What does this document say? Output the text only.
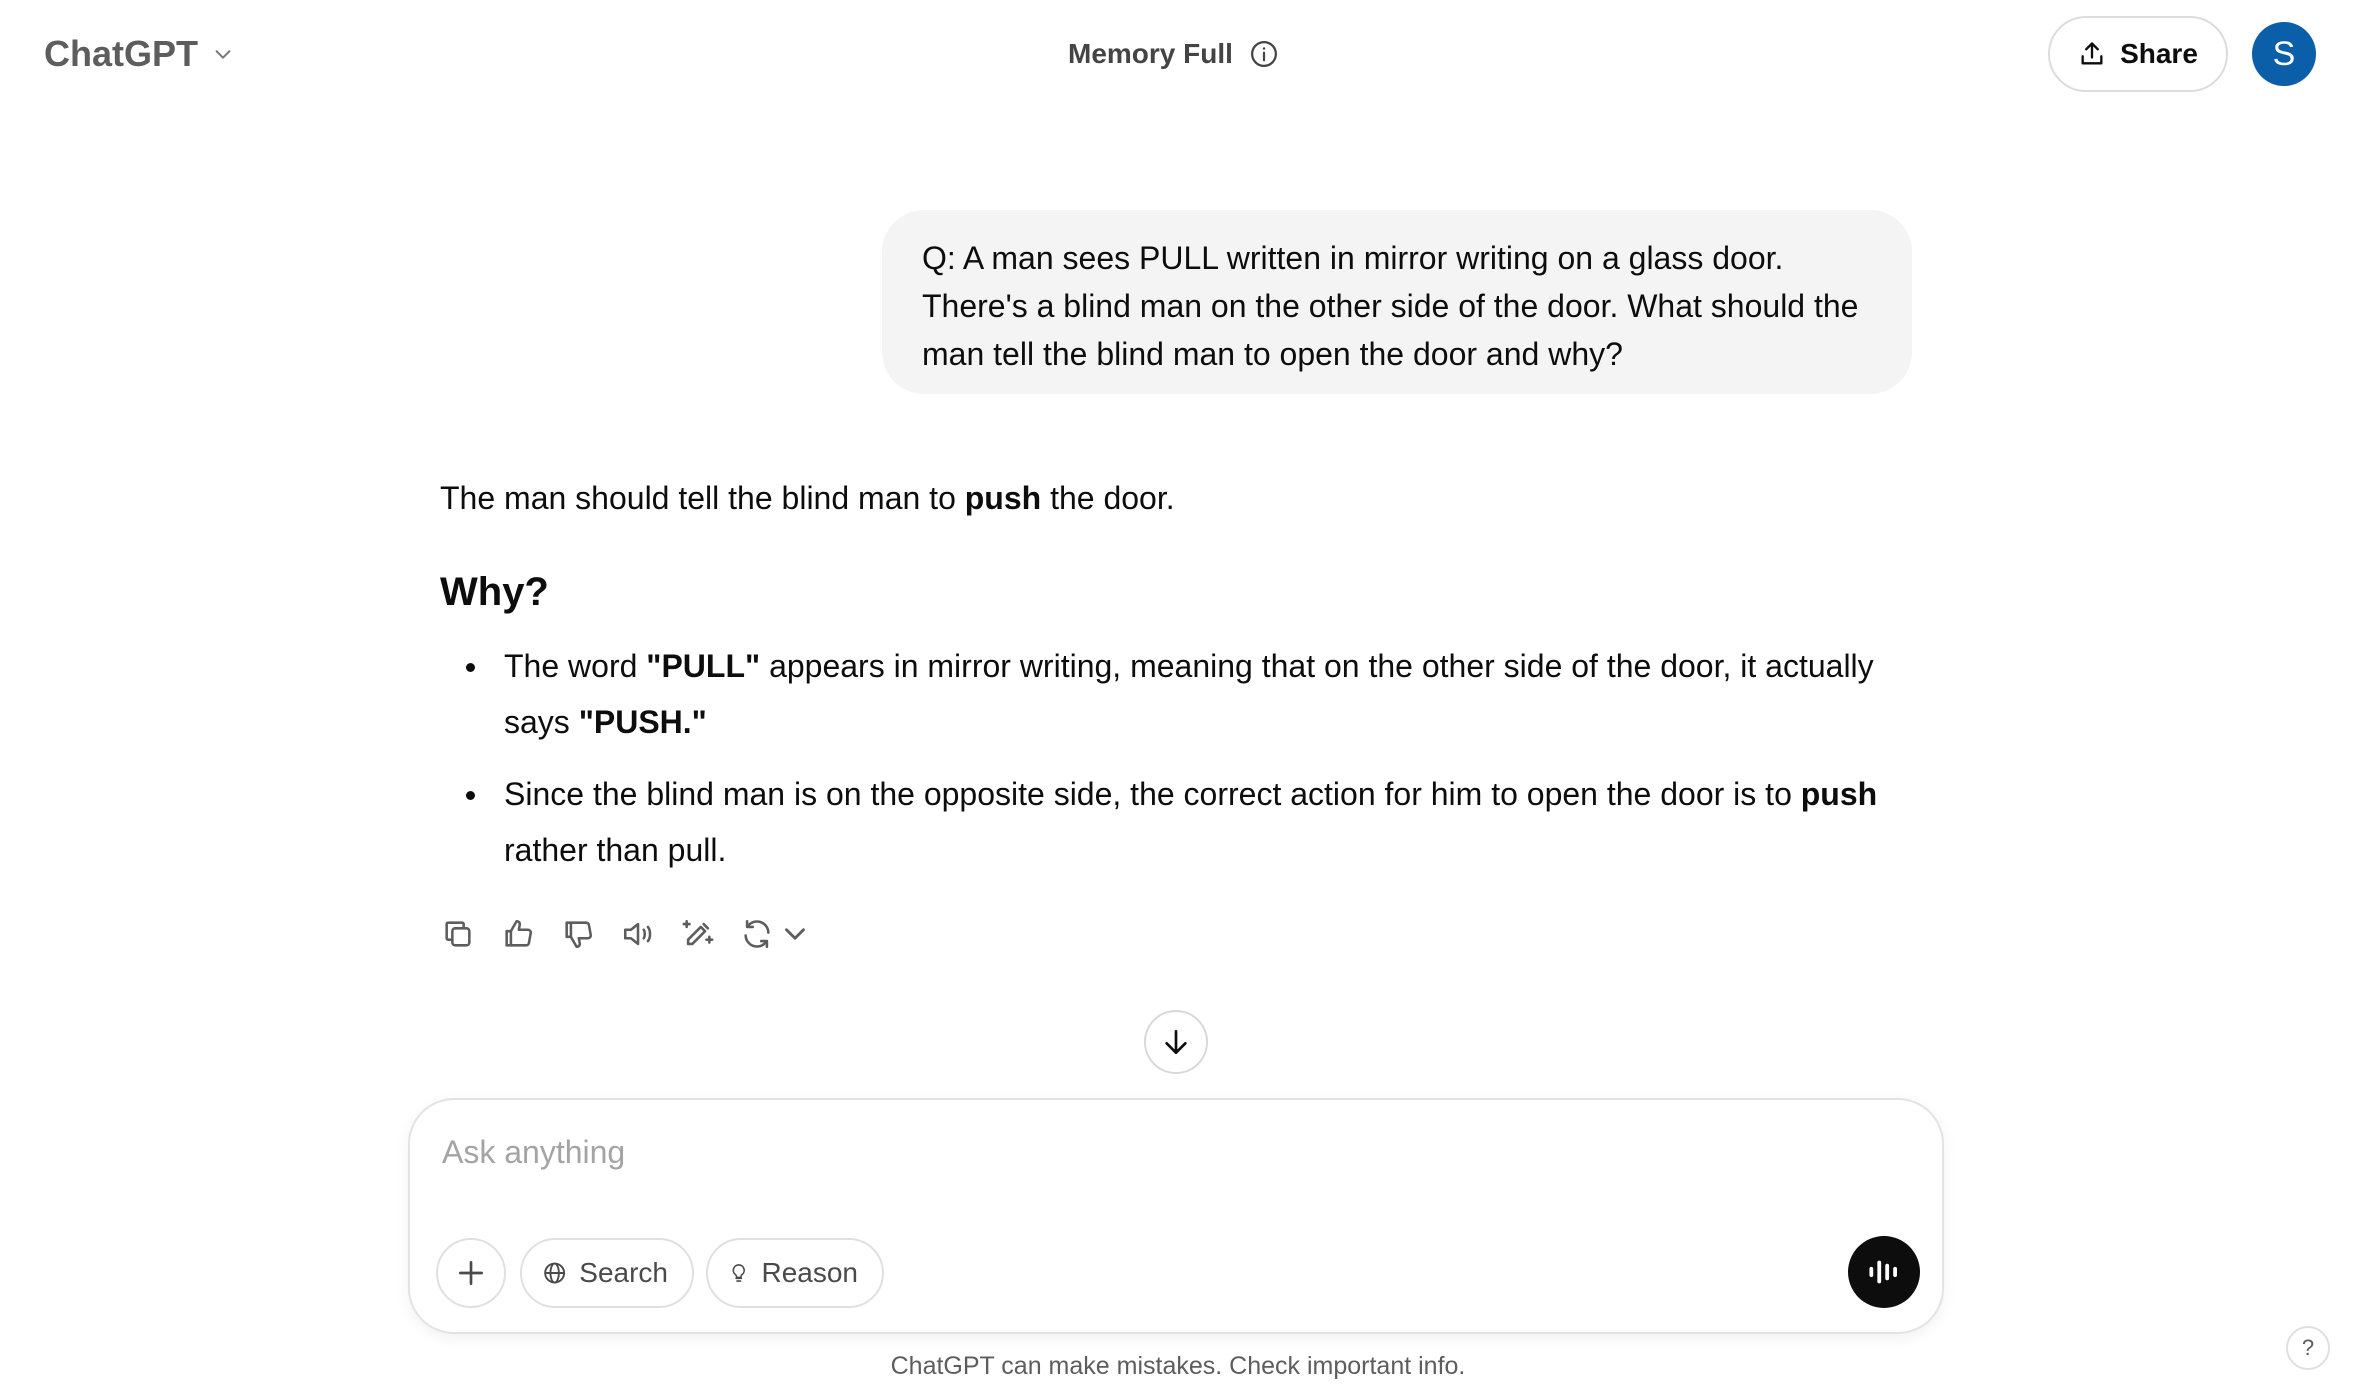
ChatGPT	Memory Full	Share	S
Q: A man sees PULL written in mirror writing on a glass door. There's a blind man on the other side of the door. What should the man tell the blind man to open the door and why?

The man should tell the blind man to push the door.

Why?
The word "PULL" appears in mirror writing, meaning that on the other side of the door, it actually says "PUSH."
Since the blind man is on the opposite side, the correct action for him to open the door is to push rather than pull.
Ask anything
Search	Reason
ChatGPT can make mistakes. Check important info.
?
